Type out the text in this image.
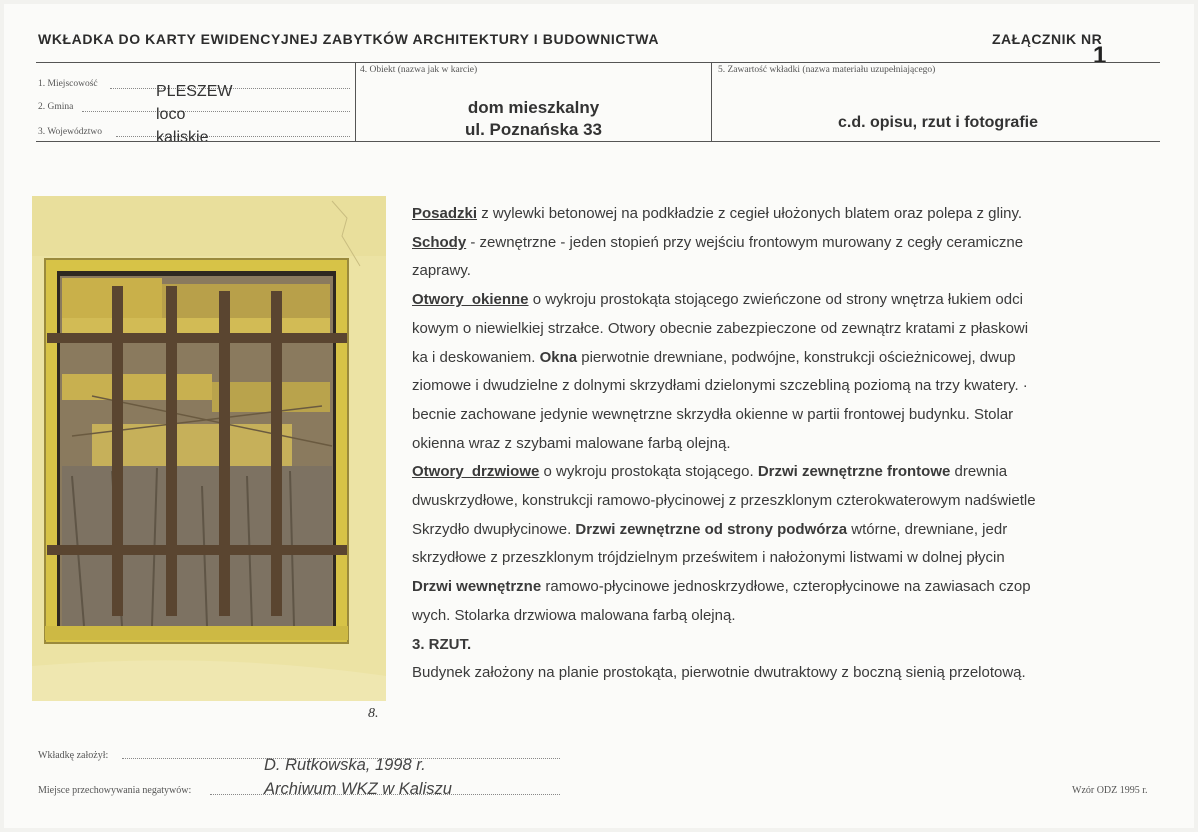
WKŁADKA DO KARTY EWIDENCYJNEJ ZABYTKÓW ARCHITEKTURY I BUDOWNICTWA	ZAŁĄCZNIK NR
1
1. Miejscowość	PLESZEW
2. Gmina	loco
3. Województwo	kaliskie
4. Obiekt (nazwa jak w karcie)
dom mieszkalny
ul. Poznańska 33
5. Zawartość wkładki (nazwa materiału uzupełniającego)
c.d. opisu, rzut i fotografie
8.
Posadzki z wylewki betonowej na podkładzie z cegieł ułożonych blatem oraz polepa z gliny.
Schody - zewnętrzne - jeden stopień przy wejściu frontowym murowany z cegły ceramiczne
zaprawy.
Otwory okienne o wykroju prostokąta stojącego zwieńczone od strony wnętrza łukiem odci
kowym o niewielkiej strzałce. Otwory obecnie zabezpieczone od zewnątrz kratami z płaskowi
ka i deskowaniem. Okna pierwotnie drewniane, podwójne, konstrukcji ościeżnicowej, dwup
ziomowe i dwudzielne z dolnymi skrzydłami dzielonymi szczebliną poziomą na trzy kwatery. ·
becnie zachowane jedynie wewnętrzne skrzydła okienne w partii frontowej budynku. Stolar
okienna wraz z szybami malowane farbą olejną.
Otwory drzwiowe o wykroju prostokąta stojącego. Drzwi zewnętrzne frontowe drewnia
dwuskrzydłowe, konstrukcji ramowo-płycinowej z przeszklonym czterokwaterowym nadświetle
Skrzydło dwupłycinowe. Drzwi zewnętrzne od strony podwórza wtórne, drewniane, jedr
skrzydłowe z przeszklonym trójdzielnym prześwitem i nałożonymi listwami w dolnej płycin
Drzwi wewnętrzne ramowo-płycinowe jednoskrzydłowe, czteropłycinowe na zawiasach czop
wych. Stolarka drzwiowa malowana farbą olejną.
3. RZUT.
Budynek założony na planie prostokąta, pierwotnie dwutraktowy z boczną sienią przelotową.
Wkładkę założył:
D. Rutkowska, 1998 r.
Miejsce przechowywania negatywów:	Archiwum WKZ w Kaliszu	Wzór ODZ 1995 r.
